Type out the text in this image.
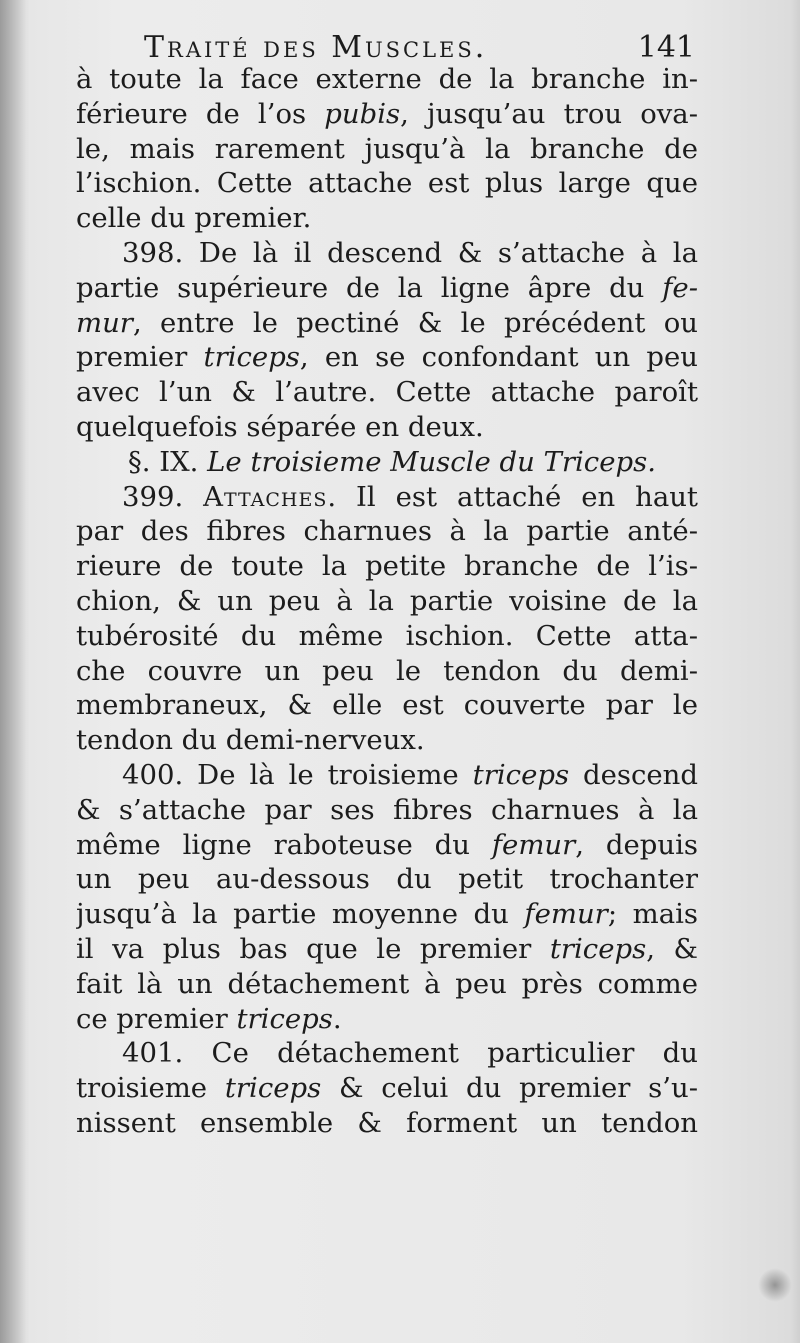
Traité des Muscles.	141
à toute la face externe de la branche in-
férieure de l’os pubis, jusqu’au trou ova-
le, mais rarement jusqu’à la branche de
l’ischion. Cette attache est plus large que
celle du premier.
398. De là il descend & s’attache à la
partie supérieure de la ligne âpre du fe-
mur, entre le pectiné & le précédent ou
premier triceps, en se confondant un peu
avec l’un & l’autre. Cette attache paroît
quelquefois séparée en deux.
§. IX. Le troisieme Muscle du Triceps.
399. Attaches. Il est attaché en haut
par des fibres charnues à la partie anté-
rieure de toute la petite branche de l’is-
chion, & un peu à la partie voisine de la
tubérosité du même ischion. Cette atta-
che couvre un peu le tendon du demi-
membraneux, & elle est couverte par le
tendon du demi-nerveux.
400. De là le troisieme triceps descend
& s’attache par ses fibres charnues à la
même ligne raboteuse du femur, depuis
un peu au-dessous du petit trochanter
jusqu’à la partie moyenne du femur; mais
il va plus bas que le premier triceps, &
fait là un détachement à peu près comme
ce premier triceps.
401. Ce détachement particulier du
troisieme triceps & celui du premier s’u-
nissent ensemble & forment un tendon
